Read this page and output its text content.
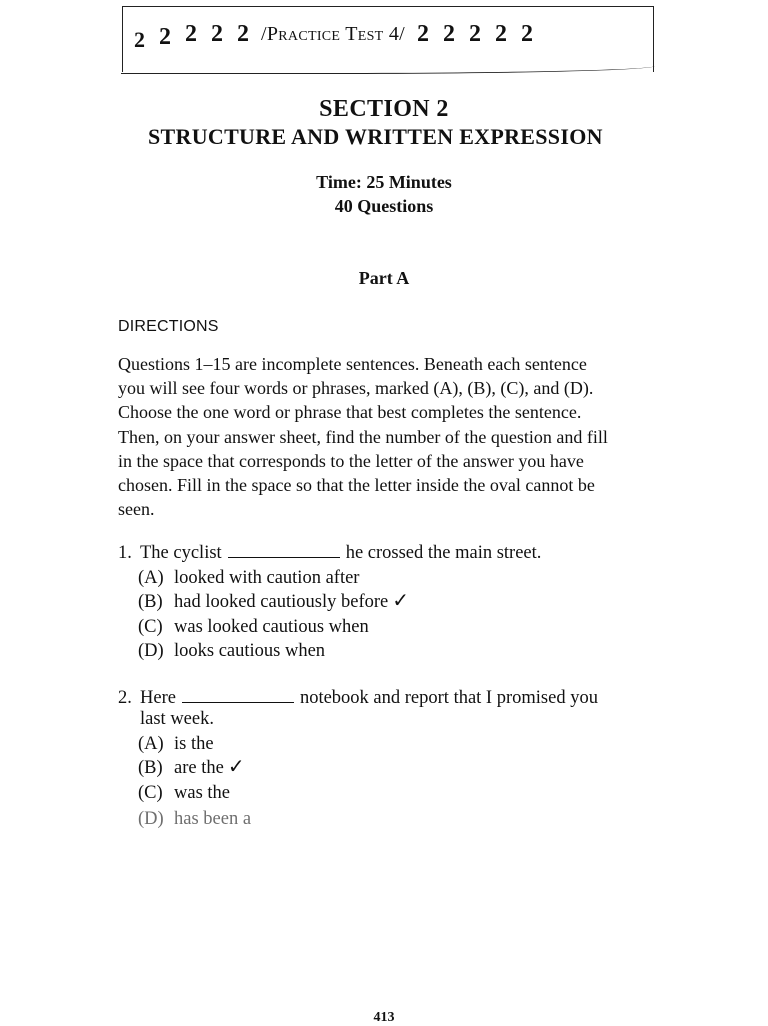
2 2 2 2 2 /Practice Test 4/ 2 2 2 2 2
SECTION 2
STRUCTURE AND WRITTEN EXPRESSION
Time: 25 Minutes
40 Questions
Part A
DIRECTIONS

Questions 1–15 are incomplete sentences. Beneath each sentence

you will see four words or phrases, marked (A), (B), (C), and (D).

Choose the one word or phrase that best completes the sentence.

Then, on your answer sheet, find the number of the question and fill

in the space that corresponds to the letter of the answer you have

chosen. Fill in the space so that the letter inside the oval cannot be

seen.

1. The cyclist	he crossed the main street.
(A) looked with caution after
(B) had looked cautiously before ✓
(C) was looked cautious when
(D) looks cautious when
2. Here	notebook and report that I promised you
last week.
(A) is the
(B) are the ✓
(C) was the
(D) has been a
413
